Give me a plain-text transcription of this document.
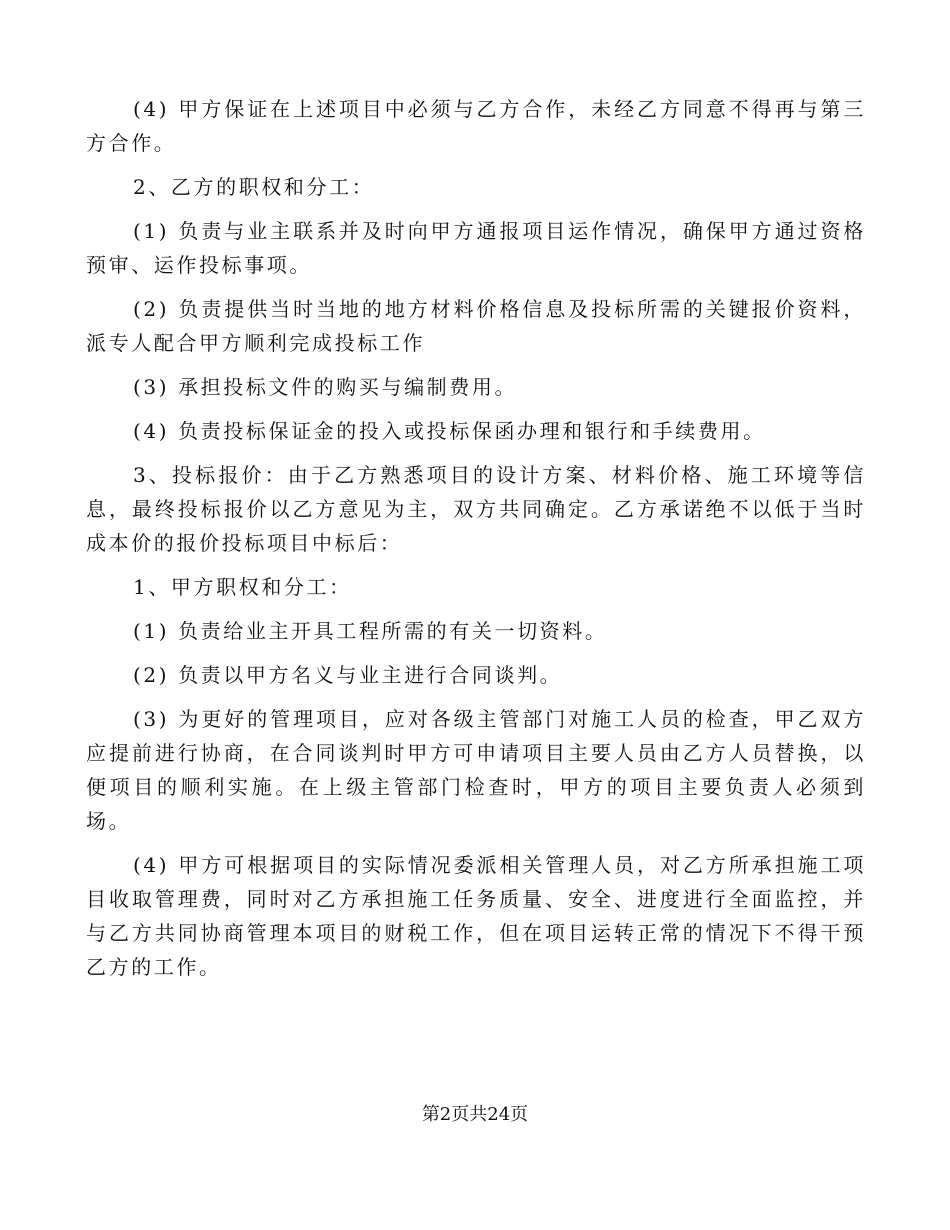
(4) 甲方保证在上述项目中必须与乙方合作，未经乙方同意不得再与第三方合作。

2、乙方的职权和分工：

(1) 负责与业主联系并及时向甲方通报项目运作情况，确保甲方通过资格预审、运作投标事项。

(2) 负责提供当时当地的地方材料价格信息及投标所需的关键报价资料，派专人配合甲方顺利完成投标工作

(3) 承担投标文件的购买与编制费用。

(4) 负责投标保证金的投入或投标保函办理和银行和手续费用。

3、投标报价：由于乙方熟悉项目的设计方案、材料价格、施工环境等信息，最终投标报价以乙方意见为主，双方共同确定。乙方承诺绝不以低于当时成本价的报价投标项目中标后：

1、甲方职权和分工：

(1) 负责给业主开具工程所需的有关一切资料。

(2) 负责以甲方名义与业主进行合同谈判。

(3) 为更好的管理项目，应对各级主管部门对施工人员的检查，甲乙双方应提前进行协商，在合同谈判时甲方可申请项目主要人员由乙方人员替换，以便项目的顺利实施。在上级主管部门检查时，甲方的项目主要负责人必须到场。

(4) 甲方可根据项目的实际情况委派相关管理人员，对乙方所承担施工项目收取管理费，同时对乙方承担施工任务质量、安全、进度进行全面监控，并与乙方共同协商管理本项目的财税工作，但在项目运转正常的情况下不得干预乙方的工作。

第2页共24页
